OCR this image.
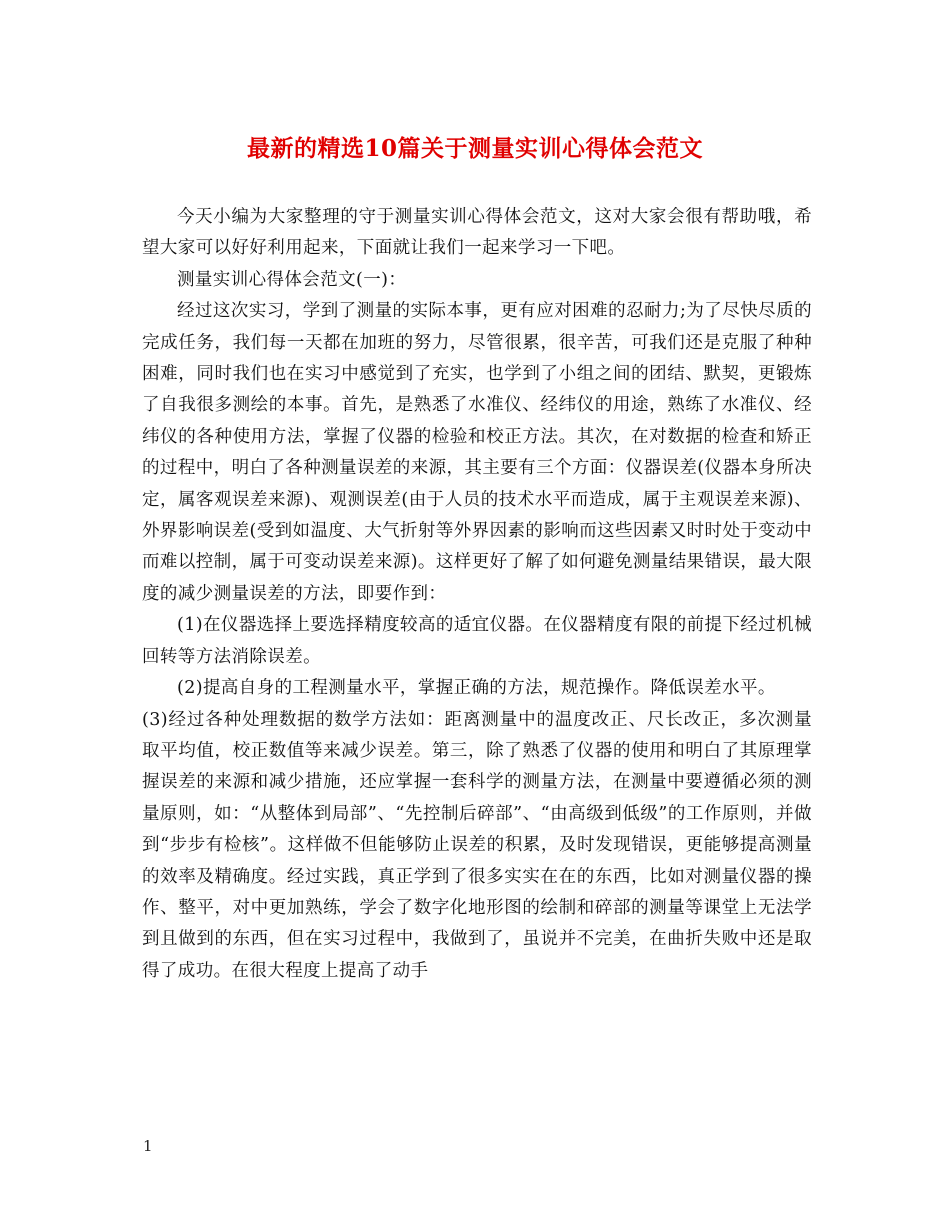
最新的精选10篇关于测量实训心得体会范文

今天小编为大家整理的守于测量实训心得体会范文，这对大家会很有帮助哦，希望大家可以好好利用起来，下面就让我们一起来学习一下吧。

测量实训心得体会范文(一)：

经过这次实习，学到了测量的实际本事，更有应对困难的忍耐力;为了尽快尽质的完成任务，我们每一天都在加班的努力，尽管很累，很辛苦，可我们还是克服了种种困难，同时我们也在实习中感觉到了充实，也学到了小组之间的团结、默契，更锻炼了自我很多测绘的本事。首先，是熟悉了水准仪、经纬仪的用途，熟练了水准仪、经纬仪的各种使用方法，掌握了仪器的检验和校正方法。其次，在对数据的检查和矫正的过程中，明白了各种测量误差的来源，其主要有三个方面：仪器误差(仪器本身所决定，属客观误差来源)、观测误差(由于人员的技术水平而造成，属于主观误差来源)、外界影响误差(受到如温度、大气折射等外界因素的影响而这些因素又时时处于变动中而难以控制，属于可变动误差来源)。这样更好了解了如何避免测量结果错误，最大限度的减少测量误差的方法，即要作到：

(1)在仪器选择上要选择精度较高的适宜仪器。在仪器精度有限的前提下经过机械回转等方法消除误差。

(2)提高自身的工程测量水平，掌握正确的方法，规范操作。降低误差水平。

(3)经过各种处理数据的数学方法如：距离测量中的温度改正、尺长改正，多次测量取平均值，校正数值等来减少误差。第三，除了熟悉了仪器的使用和明白了其原理掌握误差的来源和减少措施，还应掌握一套科学的测量方法，在测量中要遵循必须的测量原则，如：“从整体到局部”、“先控制后碎部”、“由高级到低级”的工作原则，并做到“步步有检核”。这样做不但能够防止误差的积累，及时发现错误，更能够提高测量的效率及精确度。经过实践，真正学到了很多实实在在的东西，比如对测量仪器的操作、整平，对中更加熟练，学会了数字化地形图的绘制和碎部的测量等课堂上无法学到且做到的东西，但在实习过程中，我做到了，虽说并不完美，在曲折失败中还是取得了成功。在很大程度上提高了动手

1
